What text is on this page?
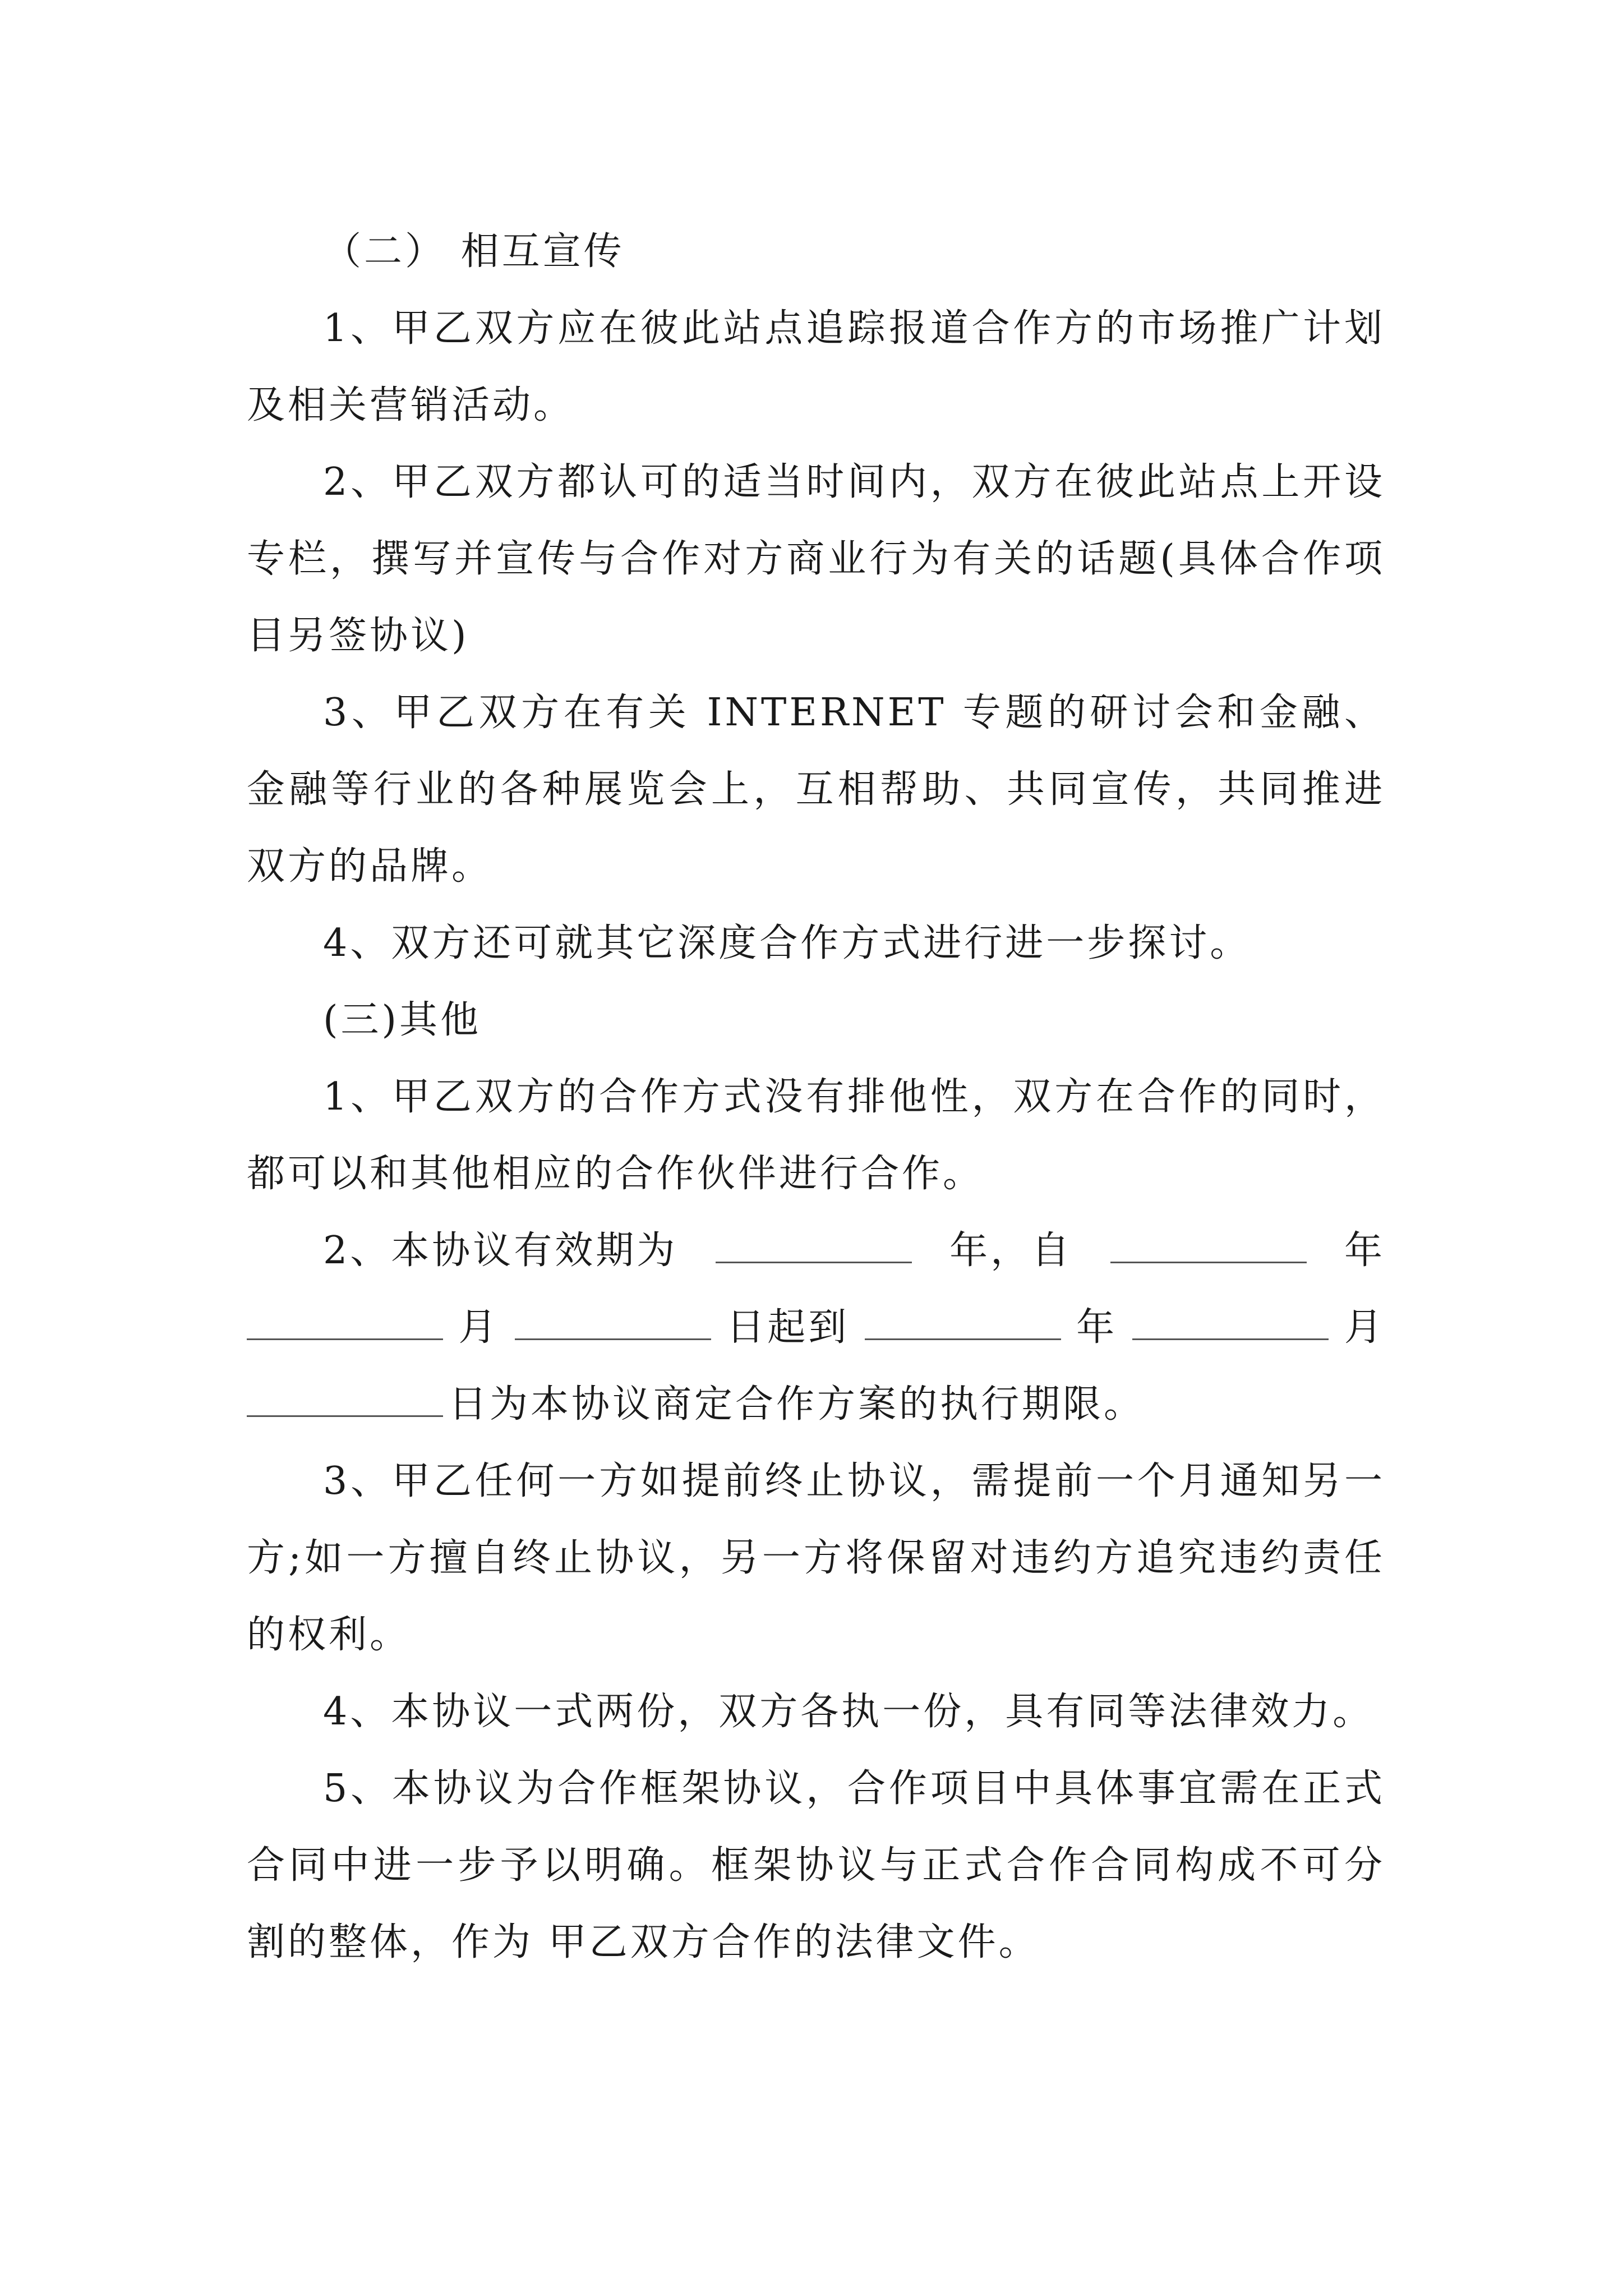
（二） 相互宣传

1、甲乙双方应在彼此站点追踪报道合作方的市场推广计划及相关营销活动。

2、甲乙双方都认可的适当时间内，双方在彼此站点上开设专栏，撰写并宣传与合作对方商业行为有关的话题(具体合作项目另签协议)

3、甲乙双方在有关 INTERNET 专题的研讨会和金融、金融等行业的各种展览会上，互相帮助、共同宣传，共同推进双方的品牌。

4、双方还可就其它深度合作方式进行进一步探讨。

(三)其他

1、甲乙双方的合作方式没有排他性，双方在合作的同时，都可以和其他相应的合作伙伴进行合作。

2、本协议有效期为	年，自	年
月	日起到	年	月
日为本协议商定合作方案的执行期限。

3、甲乙任何一方如提前终止协议，需提前一个月通知另一方;如一方擅自终止协议，另一方将保留对违约方追究违约责任的权利。

4、本协议一式两份，双方各执一份，具有同等法律效力。

5、本协议为合作框架协议，合作项目中具体事宜需在正式合同中进一步予以明确。框架协议与正式合作合同构成不可分割的整体，作为 甲乙双方合作的法律文件。
